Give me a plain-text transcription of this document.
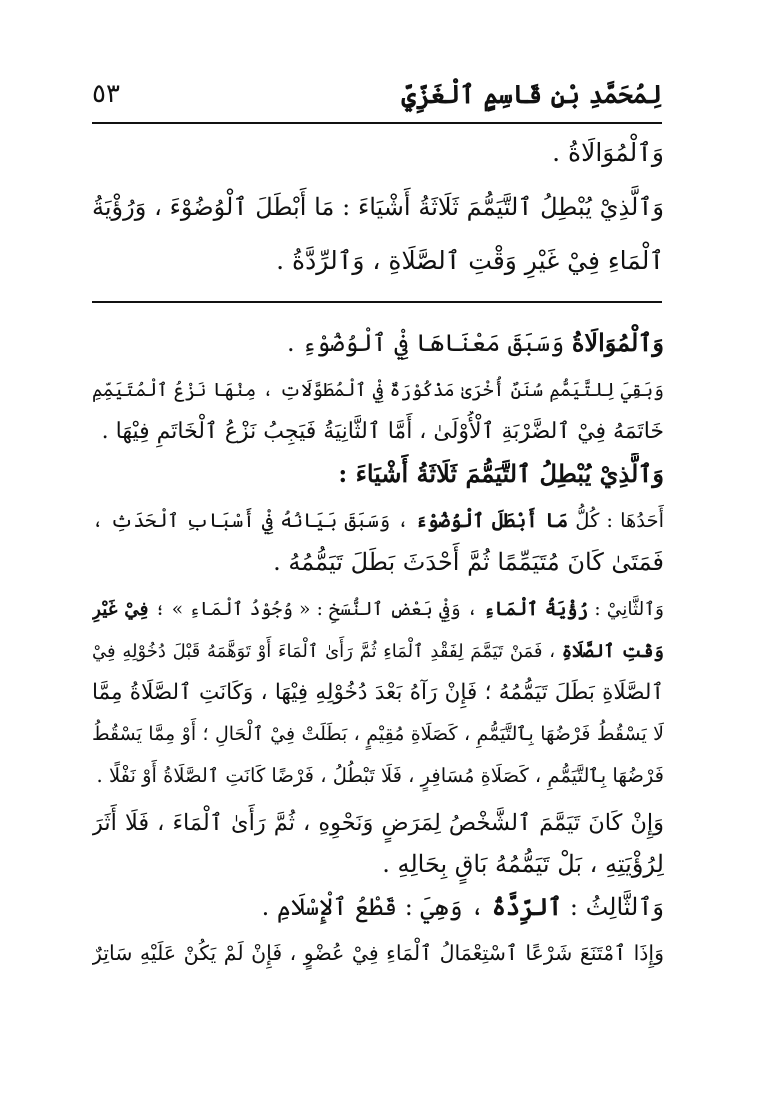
لِمُحَمَّدِ بْنِ قَاسِمٍ ٱلْغَزِّيِّ
٥٣

وَٱلْمُوَالَاةُ .

وَٱلَّذِيْ يُبْطِلُ ٱلتَّيَمُّمَ ثَلَاثَةُ أَشْيَاءَ : مَا أَبْطَلَ ٱلْوُضُوْءَ ، وَرُؤْيَةُ

ٱلْمَاءِ فِيْ غَيْرِ وَقْتِ ٱلصَّلَاةِ ، وَٱلرِّدَّةُ .

وَٱلْمُوَالَاةُ وَسَبَقَ مَعْنَاهَا فِيْ ٱلْوُضُوْءِ .

وَبَقِيَ لِلتَّيَمُّمِ سُنَنٌ أُخْرَىٰ مَذْكُوْرَةٌ فِيْ ٱلْمُطَوَّلَاتِ ، مِنْهَا نَزْعُ ٱلْمُتَيَمِّمِ

خَاتَمَهُ فِيْ ٱلضَّرْبَةِ ٱلْأُوْلَىٰ ، أَمَّا ٱلثَّانِيَةُ فَيَجِبُ نَزْعُ ٱلْخَاتَمِ فِيْهَا .

وَٱلَّذِيْ يُبْطِلُ ٱلتَّيَمُّمَ ثَلَاثَةُ أَشْيَاءَ :

أَحَدُهَا : كُلُّ مَا أَبْطَلَ ٱلْوُضُوْءَ ، وَسَبَقَ بَيَانُهُ فِيْ أَسْبَابِ ٱلْحَدَثِ ،

فَمَتَىٰ كَانَ مُتَيَمِّمًا ثُمَّ أَحْدَثَ بَطَلَ تَيَمُّمُهُ .

وَٱلثَّانِيْ : رُؤْيَةُ ٱلْمَاءِ ، وَفِيْ بَعْضِ ٱلنُّسَخِ : « وُجُوْدُ ٱلْمَاءِ » ؛ فِيْ غَيْرِ

وَقْتِ ٱلصَّلَاةِ ، فَمَنْ تَيَمَّمَ لِفَقْدِ ٱلْمَاءِ ثُمَّ رَأَىٰ ٱلْمَاءَ أَوْ تَوَهَّمَهُ قَبْلَ دُخُوْلِهِ فِيْ

ٱلصَّلَاةِ بَطَلَ تَيَمُّمُهُ ؛ فَإِنْ رَآهُ بَعْدَ دُخُوْلِهِ فِيْهَا ، وَكَانَتِ ٱلصَّلَاةُ مِمَّا

لَا يَسْقُطُ فَرْضُهَا بِٱلتَّيَمُّمِ ، كَصَلَاةِ مُقِيْمٍ ، بَطَلَتْ فِيْ ٱلْحَالِ ؛ أَوْ مِمَّا يَسْقُطُ

فَرْضُهَا بِٱلتَّيَمُّمِ ، كَصَلَاةِ مُسَافِرٍ ، فَلَا تَبْطُلُ ، فَرْضًا كَانَتِ ٱلصَّلَاةُ أَوْ نَفْلًا .

وَإِنْ كَانَ تَيَمَّمَ ٱلشَّخْصُ لِمَرَضٍ وَنَحْوِهِ ، ثُمَّ رَأَىٰ ٱلْمَاءَ ، فَلَا أَثَرَ

لِرُؤْيَتِهِ ، بَلْ تَيَمُّمُهُ بَاقٍ بِحَالِهِ .

وَٱلثَّالِثُ : ٱلرِّدَّةُ ، وَهِيَ : قَطْعُ ٱلْإِسْلَامِ .

وَإِذَا ٱمْتَنَعَ شَرْعًا ٱسْتِعْمَالُ ٱلْمَاءِ فِيْ عُضْوٍ ، فَإِنْ لَمْ يَكُنْ عَلَيْهِ سَاتِرٌ
